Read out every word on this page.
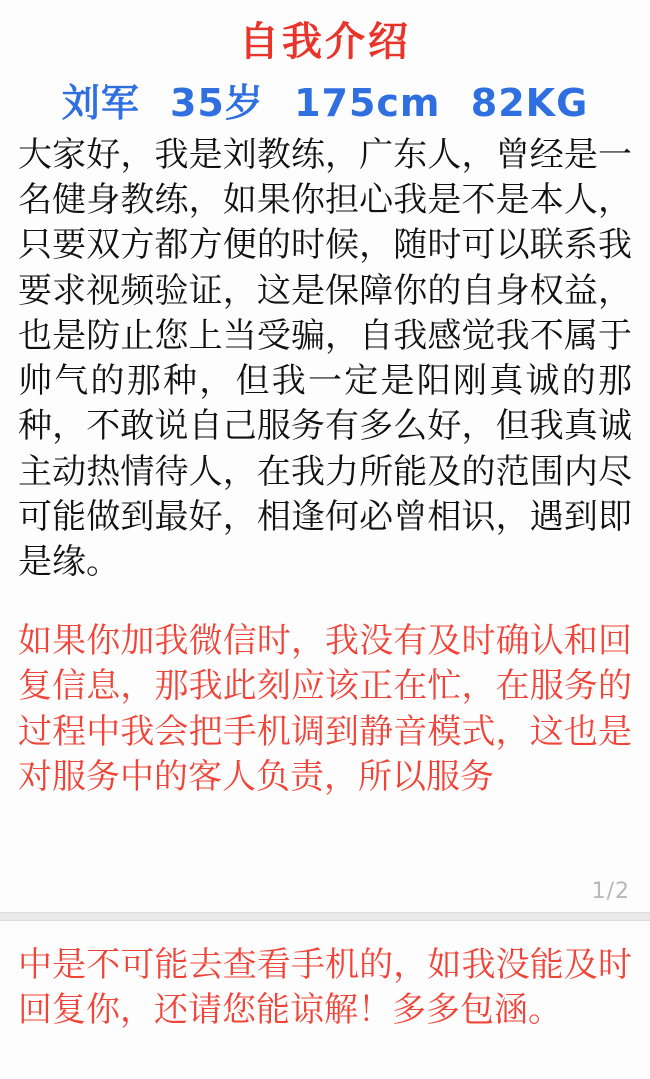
自我介绍
刘军 35岁 175cm 82KG

大家好，我是刘教练，广东人，曾经是一名健身教练，如果你担心我是不是本人，只要双方都方便的时候，随时可以联系我要求视频验证，这是保障你的自身权益，也是防止您上当受骗，自我感觉我不属于帅气的那种，但我一定是阳刚真诚的那种，不敢说自己服务有多么好，但我真诚主动热情待人，在我力所能及的范围内尽可能做到最好，相逢何必曾相识，遇到即是缘。

如果你加我微信时，我没有及时确认和回复信息，那我此刻应该正在忙，在服务的过程中我会把手机调到静音模式，这也是对服务中的客人负责，所以服务

1/2

中是不可能去查看手机的，如我没能及时回复你，还请您能谅解！多多包涵。
